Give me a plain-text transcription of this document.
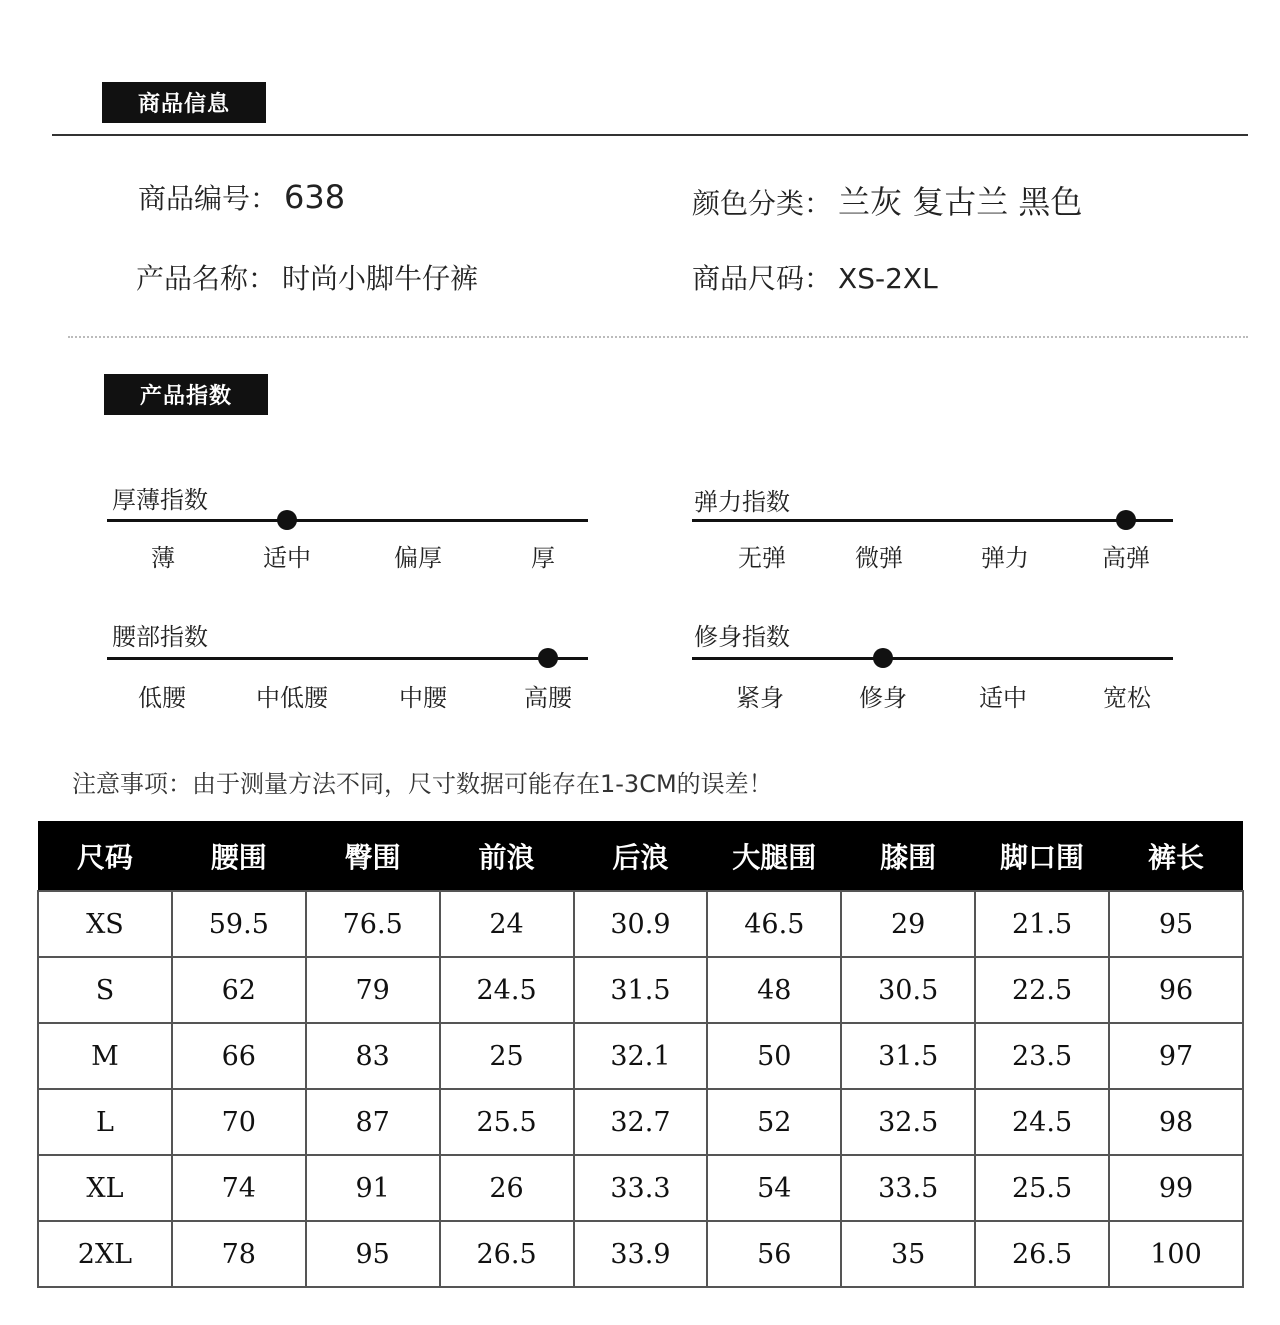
商品信息
商品编号： 638	颜色分类： 兰灰 复古兰 黑色
产品名称： 时尚小脚牛仔裤	商品尺码： XS-2XL
产品指数
厚薄指数
薄	适中	偏厚	厚
弹力指数
无弹	微弹	弹力	高弹
腰部指数
低腰	中低腰	中腰	高腰
修身指数
紧身	修身	适中	宽松
注意事项：由于测量方法不同，尺寸数据可能存在1-3CM的误差！
尺码	腰围	臀围	前浪	后浪	大腿围	膝围	脚口围	裤长
XS	59.5	76.5	24	30.9	46.5	29	21.5	95
S	62	79	24.5	31.5	48	30.5	22.5	96
M	66	83	25	32.1	50	31.5	23.5	97
L	70	87	25.5	32.7	52	32.5	24.5	98
XL	74	91	26	33.3	54	33.5	25.5	99
2XL	78	95	26.5	33.9	56	35	26.5	100
